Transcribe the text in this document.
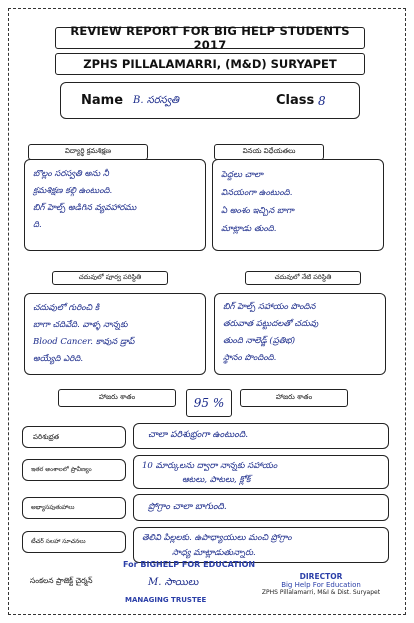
REVIEW REPORT FOR BIG HELP STUDENTS 2017
ZPHS PILLALAMARRI, (M&D) SURYAPET
Name B. సరస్వతి	Class 8
విద్యార్థి క్రమశిక్షణ	వినయ విధేయతలు
బొల్లం సరస్వతి అను నీ
క్రమశిక్షణ కల్గి ఉంటుంది.
బిగ్ హెల్ప్ అడిగిన వ్యవహారము
ది.
పెద్దలు చాలా
వినయంగా ఉంటుంది.
ఏ అంశం ఇచ్చిన బాగా
మాట్లాడు తుంది.
చదువులో పూర్వ పరిస్థితి	చదువులో నేటి పరిస్థితి
చదువులో గురించి కి
బాగా చదివేది. వాళ్ళ నాన్నకు
Blood Cancer. కావున డ్రాప్
అయ్యేది ఎరిది.
బిగ్ హెల్ప్ సహాయం పొందిన
తరువాత పట్టుదలతో చదువు
తుంది నాలెడ్జ్ (ప్రతిభ)
స్థానం పొందింది.
హాజరు శాతం	95 %	హాజరు శాతం
పరిశుభ్రత	చాలా పరిశుభ్రంగా ఉంటుంది.
ఇతర అంశాలలో ప్రావీణ్యం	10 మార్కులను ద్వారా నాన్నకు సహాయం
ఆటలు, పాటలు, క్లోక్
అభ్యాసపుతుహాలు	ప్రోగ్రాం చాలా బాగుంది.
టీచర్ సలహా సూచనలు	తెలివి పిల్లలకు. ఉపాధ్యాయులు మంచి ప్రోగ్రాం
సాధ్య మాట్లాడుతున్నారు.
సంకలన ప్రాజెక్ట్ చైర్మన్
For BIGHELP FOR EDUCATION
M. సాయిలు
MANAGING TRUSTEE
DIRECTOR
Big Help For Education
ZPHS Pillalamarri, M&I & Dist. Suryapet
